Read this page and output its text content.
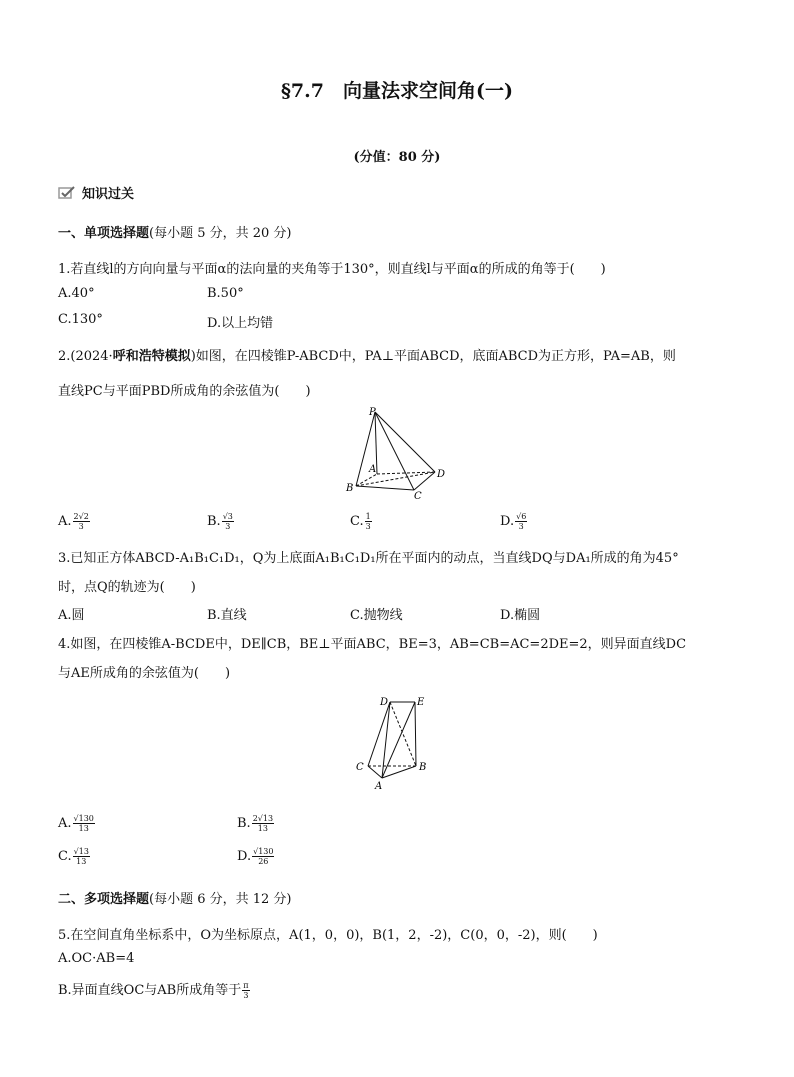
§7.7　向量法求空间角(一)
(分值：80 分)
知识过关
一、单项选择题(每小题 5 分，共 20 分)
1.若直线l的方向向量与平面α的法向量的夹角等于130°，则直线l与平面α的所成的角等于(　　)
A.40°	B.50°
C.130°	D.以上均错
2.(2024·呼和浩特模拟)如图，在四棱锥P-ABCD中，PA⊥平面ABCD，底面ABCD为正方形，PA=AB，则
直线PC与平面PBD所成角的余弦值为(　　)
P
A
B
C
D
A. $\frac{2√2}{3}$	B. $\frac{√3}{3}$	C. $\frac{1}{3}$	D. $\frac{√6}{3}$
3.已知正方体ABCD-A₁B₁C₁D₁，Q为上底面A₁B₁C₁D₁所在平面内的动点，当直线DQ与DA₁所成的角为45°
时，点Q的轨迹为(　　)
A.圆	B.直线	C.抛物线	D.椭圆
4.如图，在四棱锥A-BCDE中，DE∥CB，BE⊥平面ABC，BE=3，AB=CB=AC=2DE=2，则异面直线DC
与AE所成角的余弦值为(　　)
D	E
C	B
A
A. $\frac{√130}{13}$	B. $\frac{2√13}{13}$
C. $\frac{√13}{13}$	D. $\frac{√130}{26}$
二、多项选择题(每小题 6 分，共 12 分)
5.在空间直角坐标系中，O为坐标原点，A(1，0，0)，B(1，2，-2)，C(0，0，-2)，则(　　)
A.OC·AB=4
B.异面直线OC与AB所成角等于 $\frac{\pi}{3}$
